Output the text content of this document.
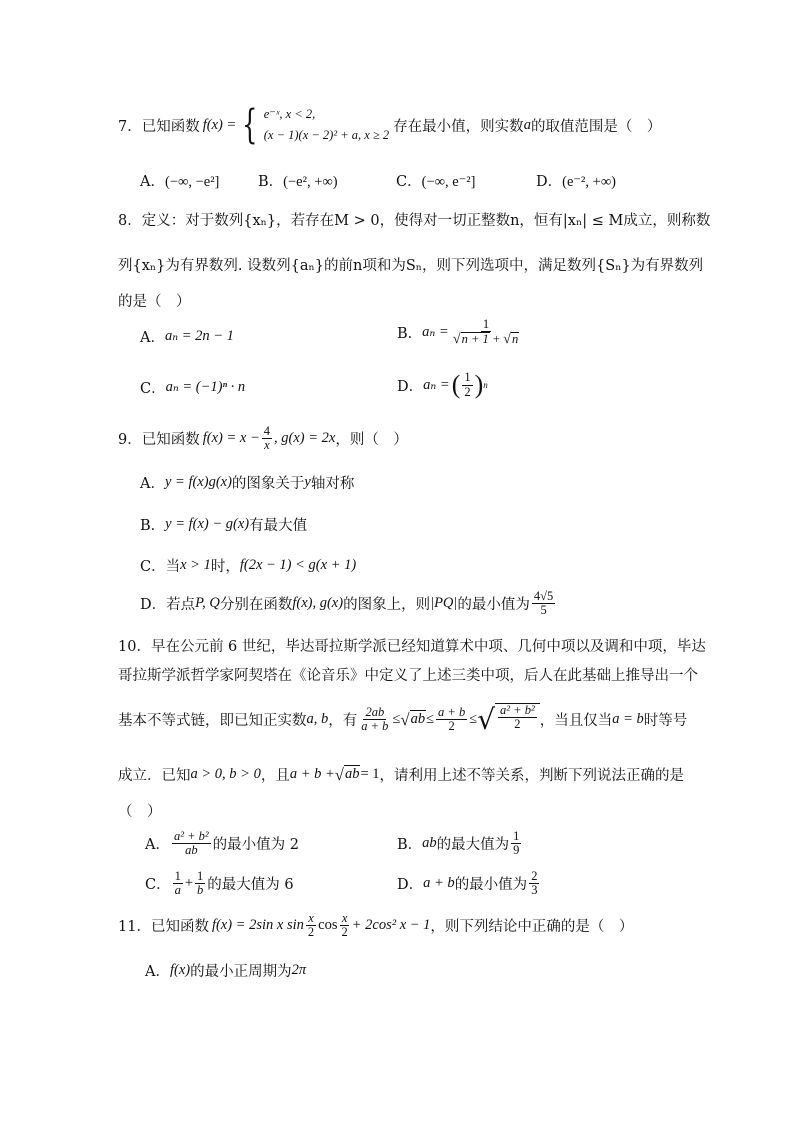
7． 已知函数 f(x) = { e⁻ˣ, x < 2,
(x − 1)(x − 2)² + a, x ≥ 2
存在最小值，则实数 a 的取值范围是（　）
A．(−∞, −e²]	B．(−e², +∞)	C．(−∞, e⁻²]	D．(e⁻², +∞)
8． 定义：对于数列{xₙ}，若存在M > 0，使得对一切正整数n，恒有|xₙ| ≤ M成立，则称数
列{xₙ}为有界数列. 设数列{aₙ}的前n项和为Sₙ，则下列选项中，满足数列{Sₙ}为有界数列
的是（　）
A． aₙ = 2n − 1	B． $a_n = \frac{1}{√ n + 1 + √ n}$
C． aₙ = (−1)ⁿ · n	D． aₙ = ( $\frac{1}{2}$ ) n
9． 已知函数 $f(x) = x - \frac{4}{x}$ , g(x) = 2x ，则（　）
A． y = f(x)g(x) 的图象关于 y 轴对称
B． y = f(x) − g(x) 有最大值
C． 当 x > 1 时， f(2x − 1) < g(x + 1)
D． 若点 P, Q 分别在函数 f(x), g(x) 的图象上，则 |PQ| 的最小值为 $\frac{4√5}{5}$
10． 早在公元前 6 世纪，毕达哥拉斯学派已经知道算术中项、几何中项以及调和中项，毕达
哥拉斯学派哲学家阿契塔在《论音乐》中定义了上述三类中项，后人在此基础上推导出一个
基本不等式链，即已知正实数 a, b ，有 $\frac{2ab}{a + b}$ ≤ √ ab ≤ $\frac{a + b}{2}$ ≤ √ $\frac{\text{a² + b²}}{2}$ ，当且仅当 a = b 时等号
成立．已知 a > 0, b > 0 ，且 a + b + √ ab = 1 ，请利用上述不等关系，判断下列说法正确的是
（　）
A． $\frac{\text{a² + b²}}{ab}$ 的最小值为 2	B． ab 的最大值为 $\frac{1}{9}$
C． $\frac{1}{a} + \frac{1}{b}$ 的最大值为 6	D． a + b 的最小值为 $\frac{2}{3}$
11． 已知函数 f(x) = 2sin x $\sin \frac{x}{2}$ $\cos \frac{x}{2} + 2\cos^2$ x − 1 ，则下列结论中正确的是（　）
A． f(x) 的最小正周期为 2π
